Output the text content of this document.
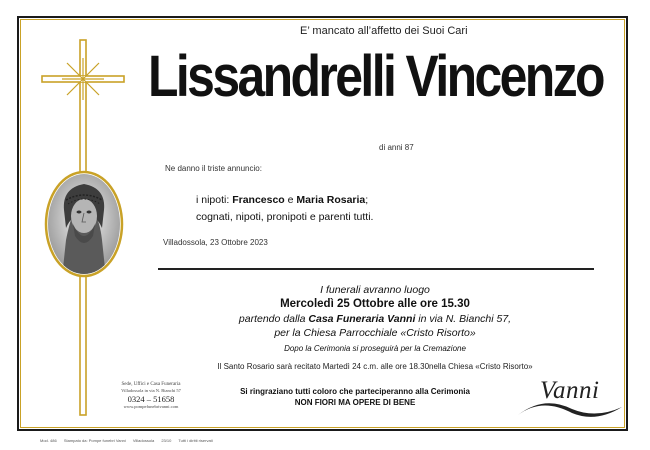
E’ mancato all’affetto dei Suoi Cari
Lissandrelli Vincenzo
di anni 87
Ne danno il triste annuncio:
i nipoti: Francesco e Maria Rosaria;
cognati, nipoti, pronipoti e parenti tutti.
Villadossola, 23 Ottobre 2023
I funerali avranno luogo
Mercoledì 25 Ottobre alle ore 15.30
partendo dalla Casa Funeraria Vanni in via N. Bianchi 57,
per la Chiesa Parrocchiale «Cristo Risorto»
Dopo la Cerimonia si proseguirà per la Cremazione
Il Santo Rosario sarà recitato Martedì 24 c.m. alle ore 18.30nella Chiesa «Cristo Risorto»
Si ringraziano tutti coloro che parteciperanno alla Cerimonia
NON FIORI MA OPERE DI BENE
Sede, Uffici e Casa Funeraria
Villadossola in via N. Bianchi 57
0324 – 51658
www.pompefunebrivanni.com
Vanni
Mod. 486 Stampato da: Pompe funebri Vanni Villadossola 23/10 Tutti i diritti riservati
